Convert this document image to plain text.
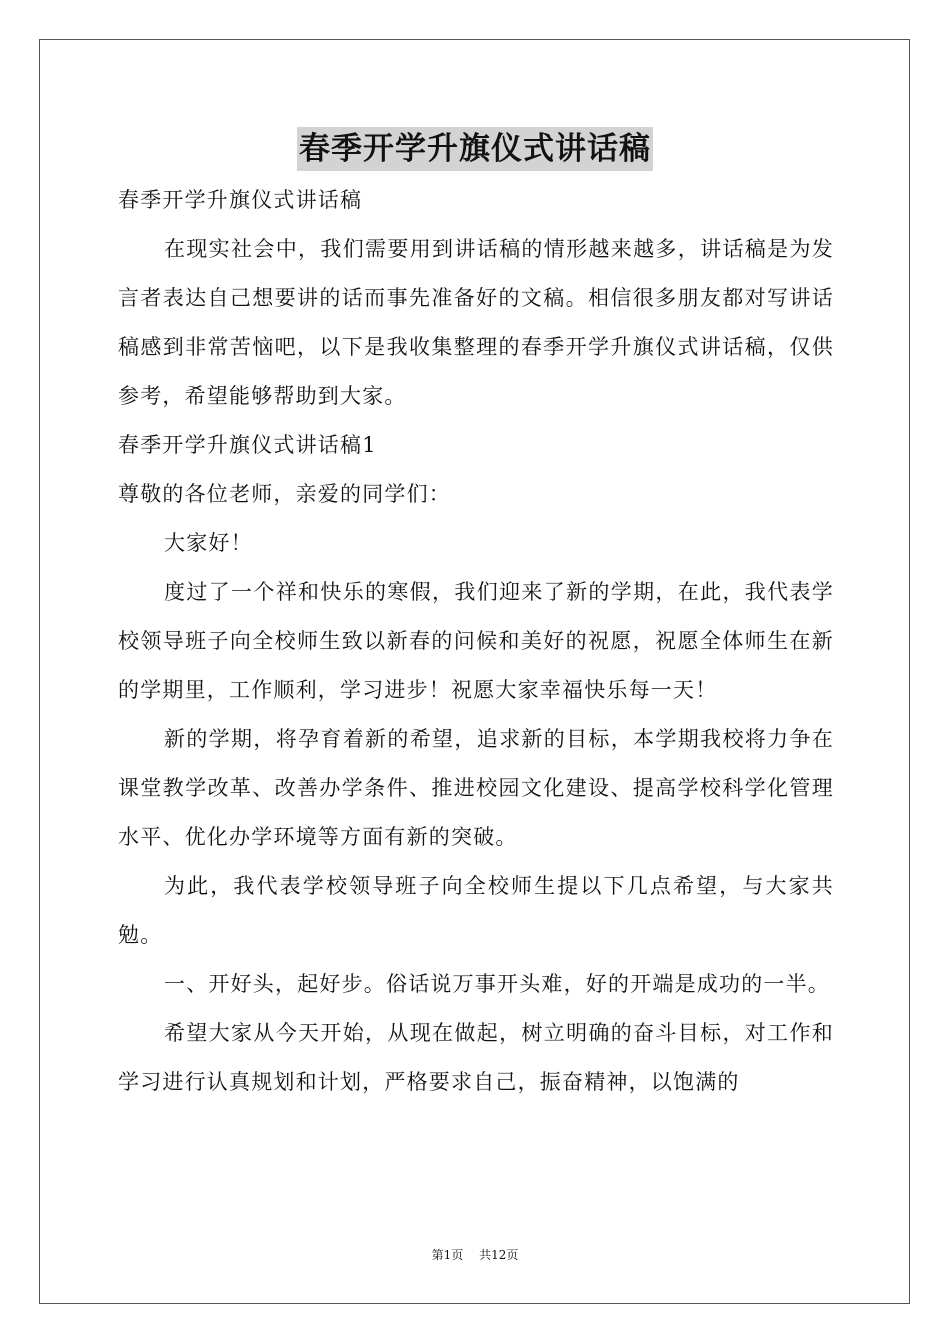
春季开学升旗仪式讲话稿

春季开学升旗仪式讲话稿

在现实社会中，我们需要用到讲话稿的情形越来越多，讲话稿是为发言者表达自己想要讲的话而事先准备好的文稿。相信很多朋友都对写讲话稿感到非常苦恼吧，以下是我收集整理的春季开学升旗仪式讲话稿，仅供参考，希望能够帮助到大家。

春季开学升旗仪式讲话稿1

尊敬的各位老师，亲爱的同学们：

大家好！

度过了一个祥和快乐的寒假，我们迎来了新的学期，在此，我代表学校领导班子向全校师生致以新春的问候和美好的祝愿，祝愿全体师生在新的学期里，工作顺利，学习进步！祝愿大家幸福快乐每一天！

新的学期，将孕育着新的希望，追求新的目标，本学期我校将力争在课堂教学改革、改善办学条件、推进校园文化建设、提高学校科学化管理水平、优化办学环境等方面有新的突破。

为此，我代表学校领导班子向全校师生提以下几点希望，与大家共勉。

一、开好头，起好步。俗话说万事开头难，好的开端是成功的一半。

希望大家从今天开始，从现在做起，树立明确的奋斗目标，对工作和学习进行认真规划和计划，严格要求自己，振奋精神，以饱满的

第1页 共12页
